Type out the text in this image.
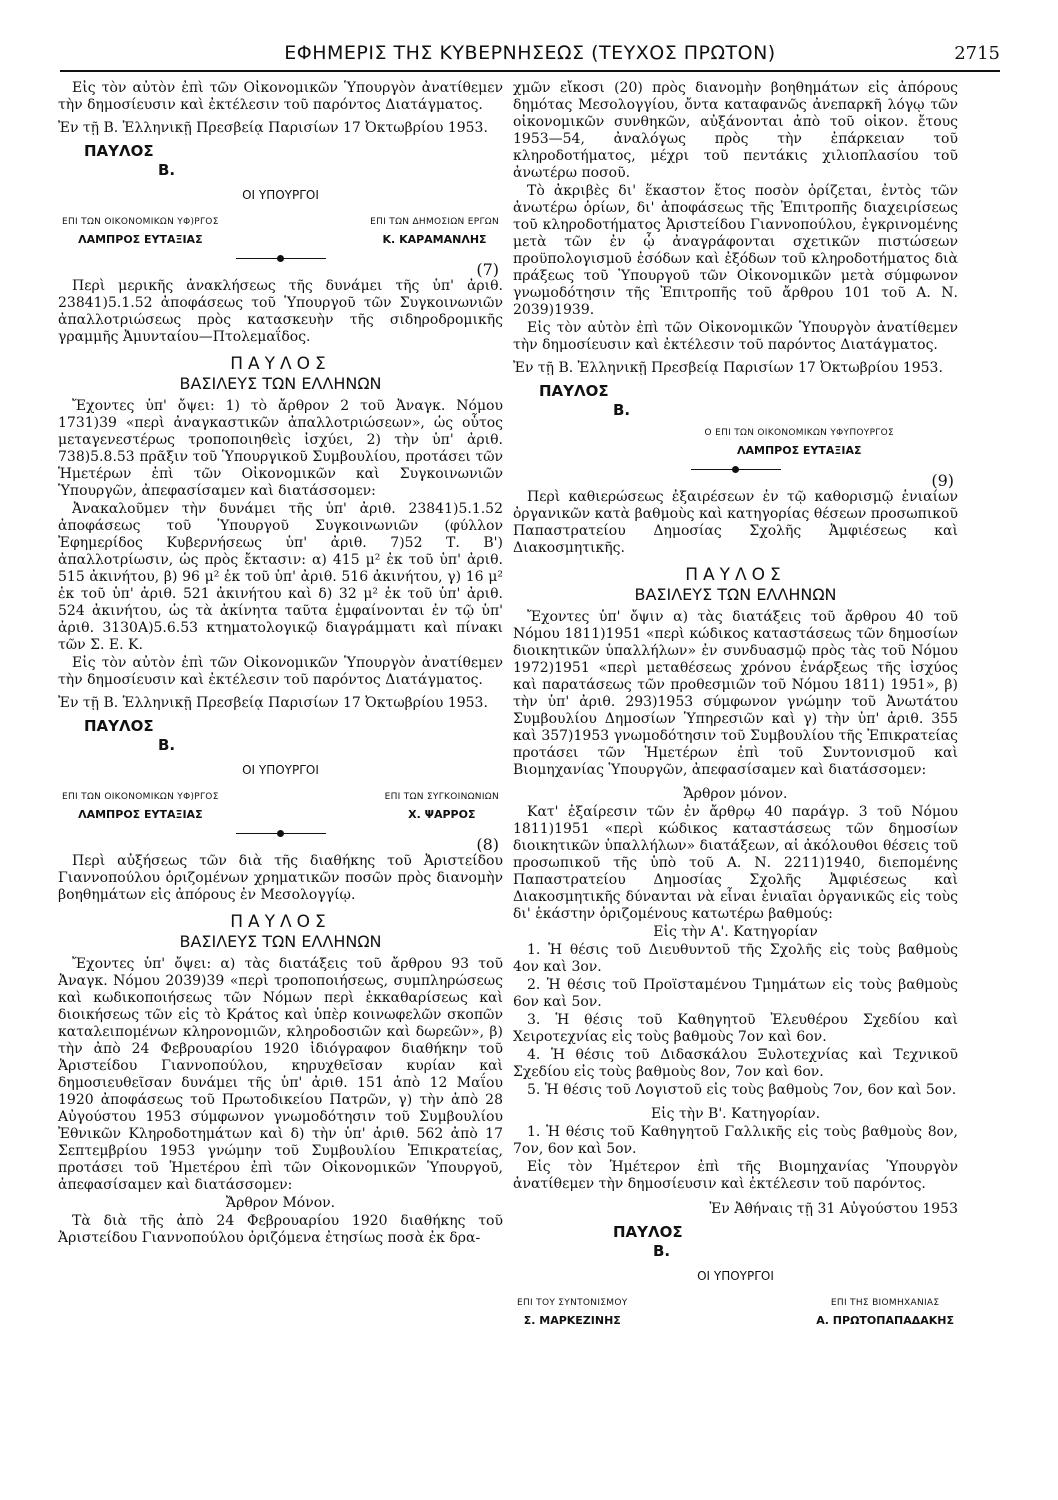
ΕΦΗΜΕΡΙΣ ΤΗΣ ΚΥΒΕΡΝΗΣΕΩΣ (ΤΕΥΧΟΣ ΠΡΩΤΟΝ)	2715

Εἰς τὸν αὐτὸν ἐπὶ τῶν Οἰκονομικῶν Ὑπουργὸν ἀνατίθεμεν τὴν δημοσίευσιν καὶ ἐκτέλεσιν τοῦ παρόντος Διατάγματος.

Ἐν τῇ Β. Ἑλληνικῇ Πρεσβείᾳ Παρισίων 17 Ὀκτωβρίου 1953.

ΠΑΥΛΟΣ
Β.
ΟΙ ΥΠΟΥΡΓΟΙ
ΕΠΙ ΤΩΝ ΟΙΚΟΝΟΜΙΚΩΝ ΥΦ)ΡΓΟΣ
ΛΑΜΠΡΟΣ ΕΥΤΑΞΙΑΣ
ΕΠΙ ΤΩΝ ΔΗΜΟΣΙΩΝ ΕΡΓΩΝ
Κ. ΚΑΡΑΜΑΝΛΗΣ
(7)

Περὶ μερικῆς ἀνακλήσεως τῆς δυνάμει τῆς ὑπ' ἀριθ. 23841)5.1.52 ἀποφάσεως τοῦ Ὑπουργοῦ τῶν Συγκοινωνιῶν ἀπαλλοτριώσεως πρὸς κατασκευὴν τῆς σιδηροδρομικῆς γραμμῆς Ἀμυνταίου—Πτολεμαΐδος.

ΠΑΥΛΟΣ
ΒΑΣΙΛΕΥΣ ΤΩΝ ΕΛΛΗΝΩΝ

Ἔχοντες ὑπ' ὄψει: 1) τὸ ἄρθρον 2 τοῦ Ἀναγκ. Νόμου 1731)39 «περὶ ἀναγκαστικῶν ἀπαλλοτριώσεων», ὡς οὗτος μεταγενεστέρως τροποποιηθεὶς ἰσχύει, 2) τὴν ὑπ' ἀριθ. 738)5.8.53 πρᾶξιν τοῦ Ὑπουργικοῦ Συμβουλίου, προτάσει τῶν Ἡμετέρων ἐπὶ τῶν Οἰκονομικῶν καὶ Συγκοινωνιῶν Ὑπουργῶν, ἀπεφασίσαμεν καὶ διατάσσομεν:

Ἀνακαλοῦμεν τὴν δυνάμει τῆς ὑπ' ἀριθ. 23841)5.1.52 ἀποφάσεως τοῦ Ὑπουργοῦ Συγκοινωνιῶν (φύλλον Ἐφημερίδος Κυβερνήσεως ὑπ' ἀριθ. 7)52 Τ. Β') ἀπαλλοτρίωσιν, ὡς πρὸς ἔκτασιν: α) 415 μ² ἐκ τοῦ ὑπ' ἀριθ. 515 ἀκινήτου, β) 96 μ² ἐκ τοῦ ὑπ' ἀριθ. 516 ἀκινήτου, γ) 16 μ² ἐκ τοῦ ὑπ' ἀριθ. 521 ἀκινήτου καὶ δ) 32 μ² ἐκ τοῦ ὑπ' ἀριθ. 524 ἀκινήτου, ὡς τὰ ἀκίνητα ταῦτα ἐμφαίνονται ἐν τῷ ὑπ' ἀριθ. 3130Α)5.6.53 κτηματολογικῷ διαγράμματι καὶ πίνακι τῶν Σ. Ε. Κ.

Εἰς τὸν αὐτὸν ἐπὶ τῶν Οἰκονομικῶν Ὑπουργὸν ἀνατίθεμεν τὴν δημοσίευσιν καὶ ἐκτέλεσιν τοῦ παρόντος Διατάγματος.

Ἐν τῇ Β. Ἑλληνικῇ Πρεσβείᾳ Παρισίων 17 Ὀκτωβρίου 1953.

ΠΑΥΛΟΣ
Β.
ΟΙ ΥΠΟΥΡΓΟΙ
ΕΠΙ ΤΩΝ ΟΙΚΟΝΟΜΙΚΩΝ ΥΦ)ΡΓΟΣ
ΛΑΜΠΡΟΣ ΕΥΤΑΞΙΑΣ
ΕΠΙ ΤΩΝ ΣΥΓΚΟΙΝΩΝΙΩΝ
Χ. ΨΑΡΡΟΣ
(8)

Περὶ αὐξήσεως τῶν διὰ τῆς διαθήκης τοῦ Ἀριστείδου Γιαννοπούλου ὁριζομένων χρηματικῶν ποσῶν πρὸς διανομὴν βοηθημάτων εἰς ἀπόρους ἐν Μεσολογγίῳ.

ΠΑΥΛΟΣ
ΒΑΣΙΛΕΥΣ ΤΩΝ ΕΛΛΗΝΩΝ

Ἔχοντες ὑπ' ὄψει: α) τὰς διατάξεις τοῦ ἄρθρου 93 τοῦ Ἀναγκ. Νόμου 2039)39 «περὶ τροποποιήσεως, συμπληρώσεως καὶ κωδικοποιήσεως τῶν Νόμων περὶ ἐκκαθαρίσεως καὶ διοικήσεως τῶν εἰς τὸ Κράτος καὶ ὑπὲρ κοινωφελῶν σκοπῶν καταλειπομένων κληρονομιῶν, κληροδοσιῶν καὶ δωρεῶν», β) τὴν ἀπὸ 24 Φεβρουαρίου 1920 ἰδιόγραφον διαθήκην τοῦ Ἀριστείδου Γιαννοπούλου, κηρυχθεῖσαν κυρίαν καὶ δημοσιευθεῖσαν δυνάμει τῆς ὑπ' ἀριθ. 151 ἀπὸ 12 Μαΐου 1920 ἀποφάσεως τοῦ Πρωτοδικείου Πατρῶν, γ) τὴν ἀπὸ 28 Αὐγούστου 1953 σύμφωνον γνωμοδότησιν τοῦ Συμβουλίου Ἐθνικῶν Κληροδοτημάτων καὶ δ) τὴν ὑπ' ἀριθ. 562 ἀπὸ 17 Σεπτεμβρίου 1953 γνώμην τοῦ Συμβουλίου Ἐπικρατείας, προτάσει τοῦ Ἡμετέρου ἐπὶ τῶν Οἰκονομικῶν Ὑπουργοῦ, ἀπεφασίσαμεν καὶ διατάσσομεν:

Ἄρθρον Μόνον.

Τὰ διὰ τῆς ἀπὸ 24 Φεβρουαρίου 1920 διαθήκης τοῦ Ἀριστείδου Γιαννοπούλου ὁριζόμενα ἐτησίως ποσὰ ἐκ δρα-

χμῶν εἴκοσι (20) πρὸς διανομὴν βοηθημάτων εἰς ἀπόρους δημότας Μεσολογγίου, ὄντα καταφανῶς ἀνεπαρκῆ λόγῳ τῶν οἰκονομικῶν συνθηκῶν, αὐξάνονται ἀπὸ τοῦ οἰκον. ἔτους 1953—54, ἀναλόγως πρὸς τὴν ἐπάρκειαν τοῦ κληροδοτήματος, μέχρι τοῦ πεντάκις χιλιοπλασίου τοῦ ἀνωτέρω ποσοῦ.

Τὸ ἀκριβὲς δι' ἕκαστον ἔτος ποσὸν ὁρίζεται, ἐντὸς τῶν ἀνωτέρω ὁρίων, δι' ἀποφάσεως τῆς Ἐπιτροπῆς διαχειρίσεως τοῦ κληροδοτήματος Ἀριστείδου Γιαννοπούλου, ἐγκρινομένης μετὰ τῶν ἐν ᾧ ἀναγράφονται σχετικῶν πιστώσεων προϋπολογισμοῦ ἐσόδων καὶ ἐξόδων τοῦ κληροδοτήματος διὰ πράξεως τοῦ Ὑπουργοῦ τῶν Οἰκονομικῶν μετὰ σύμφωνον γνωμοδότησιν τῆς Ἐπιτροπῆς τοῦ ἄρθρου 101 τοῦ Α. Ν. 2039)1939.

Εἰς τὸν αὐτὸν ἐπὶ τῶν Οἰκονομικῶν Ὑπουργὸν ἀνατίθεμεν τὴν δημοσίευσιν καὶ ἐκτέλεσιν τοῦ παρόντος Διατάγματος.

Ἐν τῇ Β. Ἑλληνικῇ Πρεσβείᾳ Παρισίων 17 Ὀκτωβρίου 1953.

ΠΑΥΛΟΣ
Β.
Ο ΕΠΙ ΤΩΝ ΟΙΚΟΝΟΜΙΚΩΝ ΥΦΥΠΟΥΡΓΟΣ
ΛΑΜΠΡΟΣ ΕΥΤΑΞΙΑΣ
(9)

Περὶ καθιερώσεως ἐξαιρέσεων ἐν τῷ καθορισμῷ ἑνιαίων ὀργανικῶν κατὰ βαθμοὺς καὶ κατηγορίας θέσεων προσωπικοῦ Παπαστρατείου Δημοσίας Σχολῆς Ἀμφιέσεως καὶ Διακοσμητικῆς.

ΠΑΥΛΟΣ
ΒΑΣΙΛΕΥΣ ΤΩΝ ΕΛΛΗΝΩΝ

Ἔχοντες ὑπ' ὄψιν α) τὰς διατάξεις τοῦ ἄρθρου 40 τοῦ Νόμου 1811)1951 «περὶ κώδικος καταστάσεως τῶν δημοσίων διοικητικῶν ὑπαλλήλων» ἐν συνδυασμῷ πρὸς τὰς τοῦ Νόμου 1972)1951 «περὶ μεταθέσεως χρόνου ἐνάρξεως τῆς ἰσχύος καὶ παρατάσεως τῶν προθεσμιῶν τοῦ Νόμου 1811) 1951», β) τὴν ὑπ' ἀριθ. 293)1953 σύμφωνον γνώμην τοῦ Ἀνωτάτου Συμβουλίου Δημοσίων Ὑπηρεσιῶν καὶ γ) τὴν ὑπ' ἀριθ. 355 καὶ 357)1953 γνωμοδότησιν τοῦ Συμβουλίου τῆς Ἐπικρατείας προτάσει τῶν Ἡμετέρων ἐπὶ τοῦ Συντονισμοῦ καὶ Βιομηχανίας Ὑπουργῶν, ἀπεφασίσαμεν καὶ διατάσσομεν:

Ἄρθρον μόνον.

Κατ' ἐξαίρεσιν τῶν ἐν ἄρθρῳ 40 παράγρ. 3 τοῦ Νόμου 1811)1951 «περὶ κώδικος καταστάσεως τῶν δημοσίων διοικητικῶν ὑπαλλήλων» διατάξεων, αἱ ἀκόλουθοι θέσεις τοῦ προσωπικοῦ τῆς ὑπὸ τοῦ Α. Ν. 2211)1940, διεπομένης Παπαστρατείου Δημοσίας Σχολῆς Ἀμφιέσεως καὶ Διακοσμητικῆς δύνανται νὰ εἶναι ἑνιαῖαι ὀργανικῶς εἰς τοὺς δι' ἑκάστην ὁριζομένους κατωτέρω βαθμούς:

Εἰς τὴν Α'. Κατηγορίαν

1. Ἡ θέσις τοῦ Διευθυντοῦ τῆς Σχολῆς εἰς τοὺς βαθμοὺς 4ον καὶ 3ον.

2. Ἡ θέσις τοῦ Προϊσταμένου Τμημάτων εἰς τοὺς βαθμοὺς 6ον καὶ 5ον.

3. Ἡ θέσις τοῦ Καθηγητοῦ Ἐλευθέρου Σχεδίου καὶ Χειροτεχνίας εἰς τοὺς βαθμοὺς 7ον καὶ 6ον.

4. Ἡ θέσις τοῦ Διδασκάλου Ξυλοτεχνίας καὶ Τεχνικοῦ Σχεδίου εἰς τοὺς βαθμοὺς 8ον, 7ον καὶ 6ον.

5. Ἡ θέσις τοῦ Λογιστοῦ εἰς τοὺς βαθμοὺς 7ον, 6ον καὶ 5ον.

Εἰς τὴν Β'. Κατηγορίαν.

1. Ἡ θέσις τοῦ Καθηγητοῦ Γαλλικῆς εἰς τοὺς βαθμοὺς 8ον, 7ον, 6ον καὶ 5ον.

Εἰς τὸν Ἡμέτερον ἐπὶ τῆς Βιομηχανίας Ὑπουργὸν ἀνατίθεμεν τὴν δημοσίευσιν καὶ ἐκτέλεσιν τοῦ παρόντος.

Ἐν Ἀθήναις τῇ 31 Αὐγούστου 1953

ΠΑΥΛΟΣ
Β.
ΟΙ ΥΠΟΥΡΓΟΙ
ΕΠΙ ΤΟΥ ΣΥΝΤΟΝΙΣΜΟΥ
Σ. ΜΑΡΚΕΖΙΝΗΣ
ΕΠΙ ΤΗΣ ΒΙΟΜΗΧΑΝΙΑΣ
Α. ΠΡΩΤΟΠΑΠΑΔΑΚΗΣ
